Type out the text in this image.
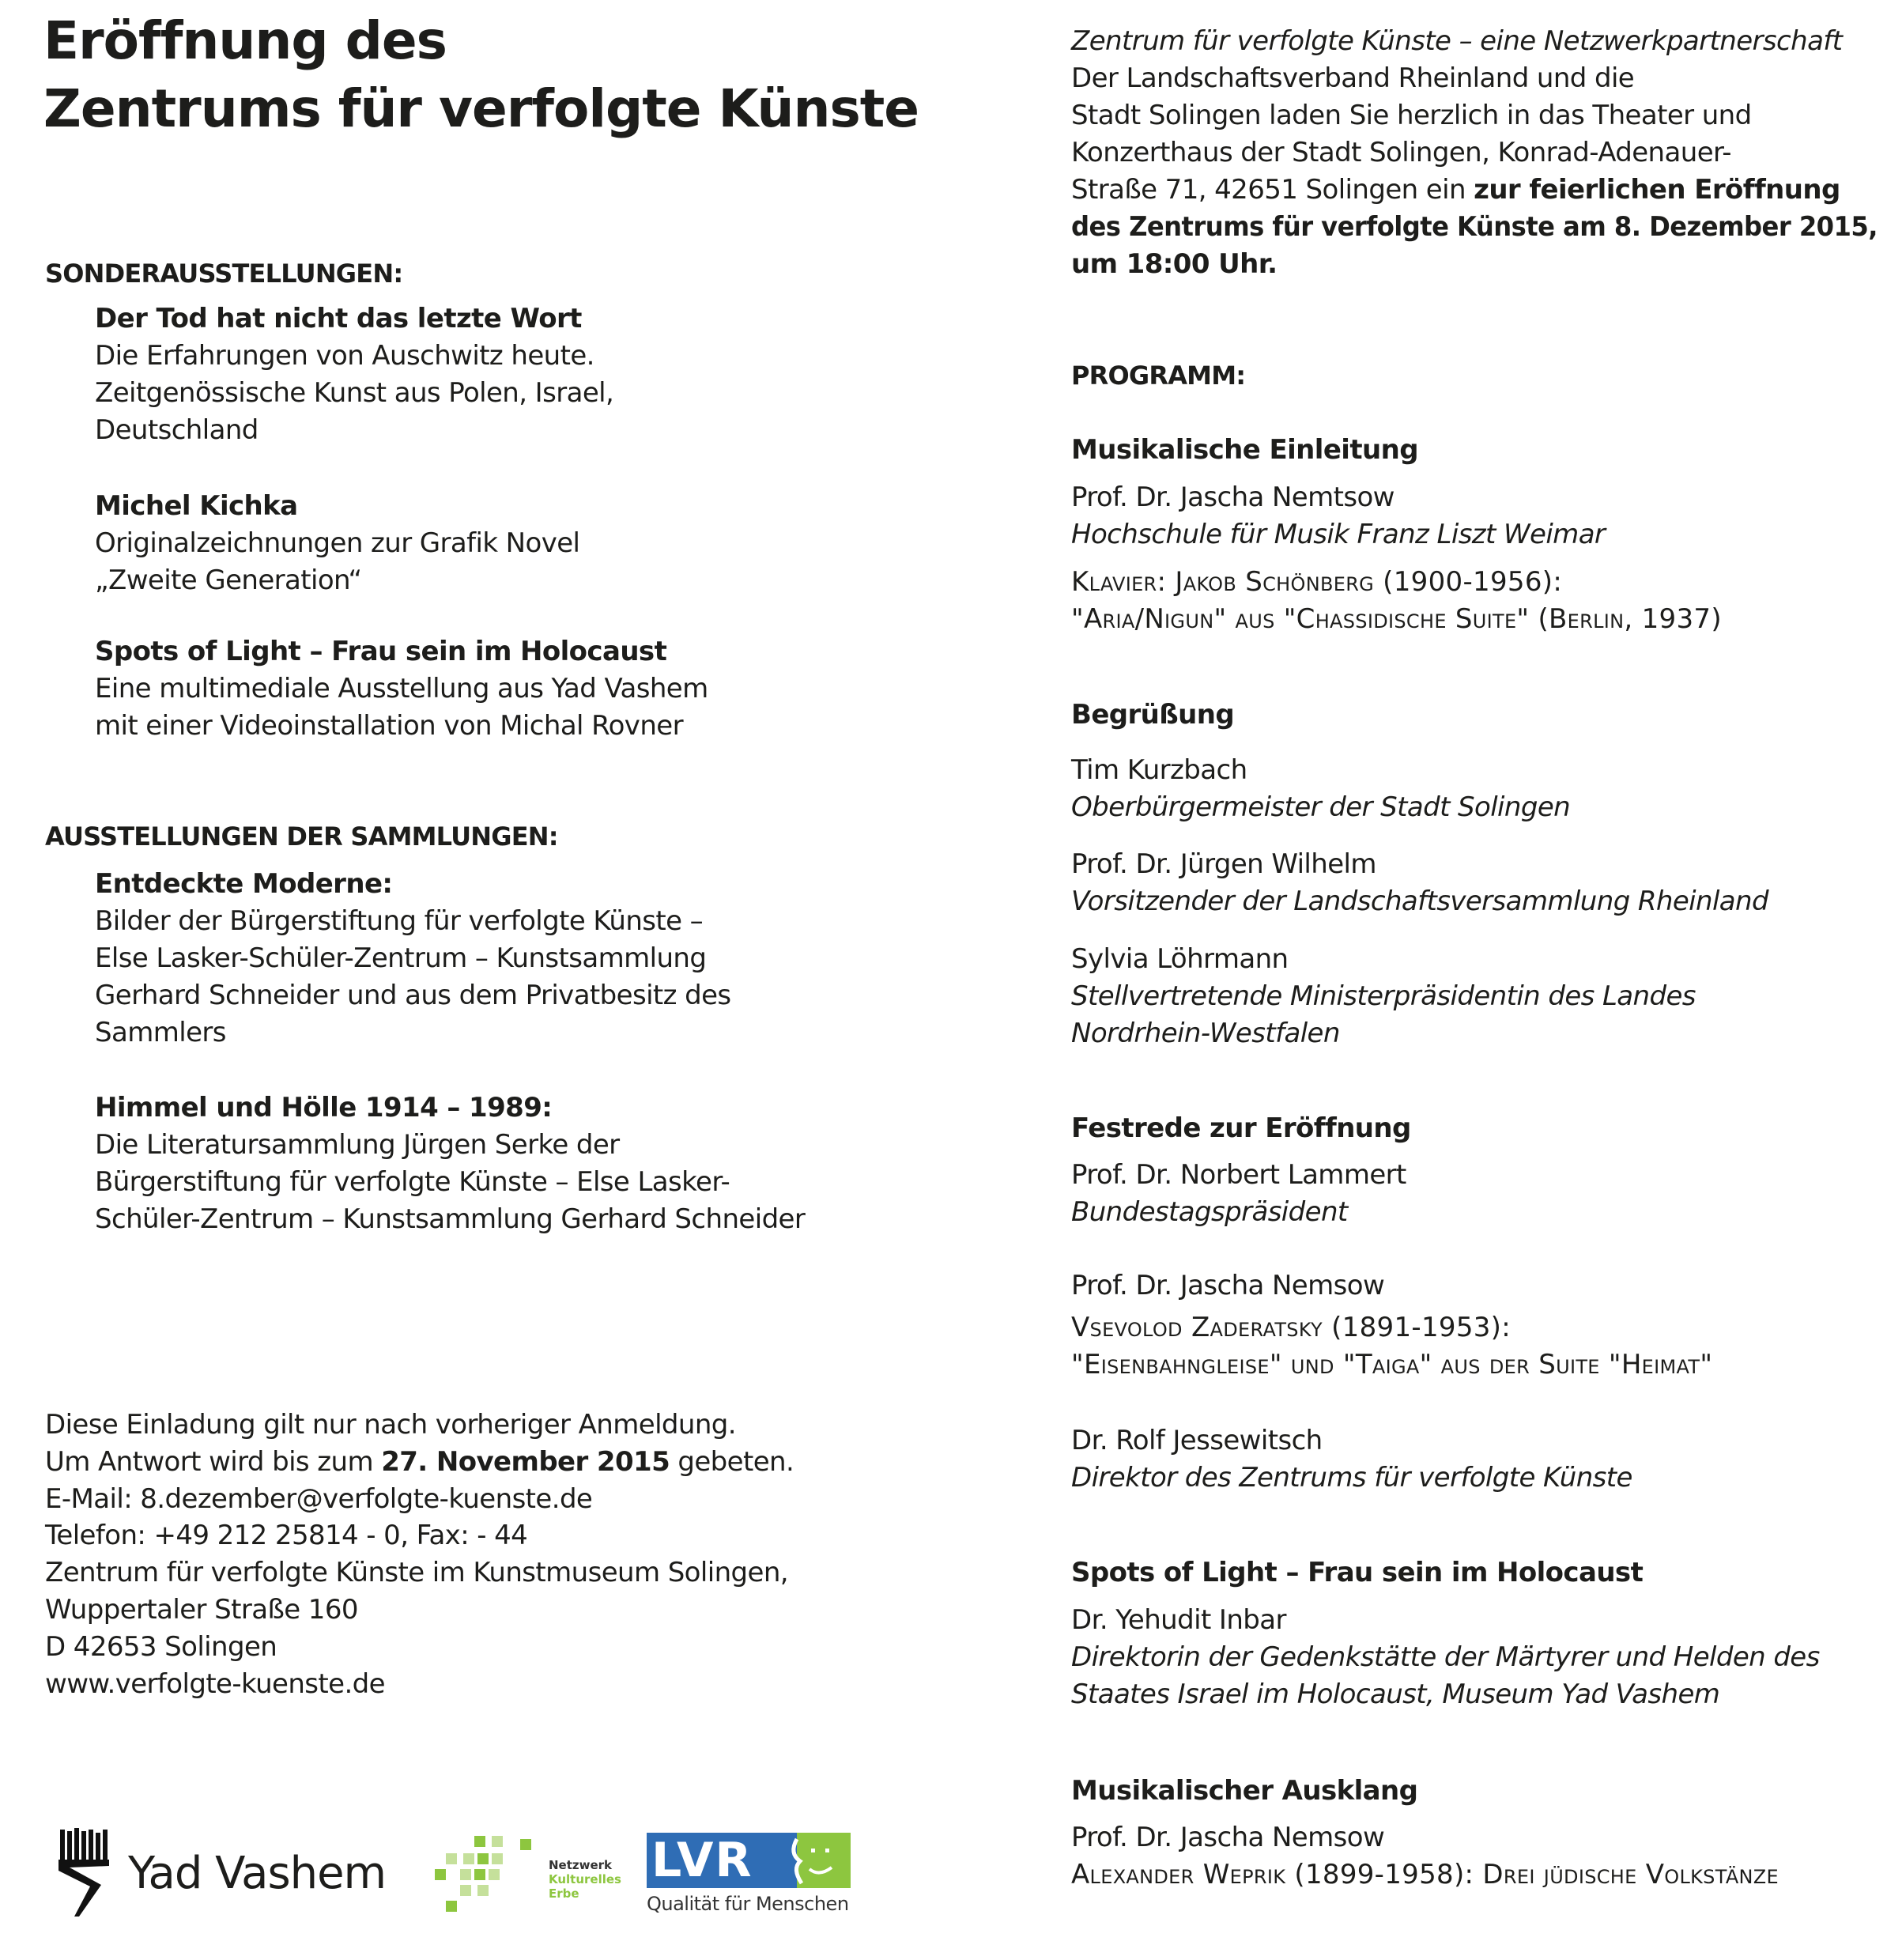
Eröffnung des
Zentrums für verfolgte Künste
SONDERAUSSTELLUNGEN:
Der Tod hat nicht das letzte Wort
Die Erfahrungen von Auschwitz heute.
Zeitgenössische Kunst aus Polen, Israel,
Deutschland
Michel Kichka
Originalzeichnungen zur Grafik Novel
„Zweite Generation“
Spots of Light – Frau sein im Holocaust
Eine multimediale Ausstellung aus Yad Vashem
mit einer Videoinstallation von Michal Rovner
AUSSTELLUNGEN DER SAMMLUNGEN:
Entdeckte Moderne:
Bilder der Bürgerstiftung für verfolgte Künste –
Else Lasker-Schüler-Zentrum – Kunstsammlung
Gerhard Schneider und aus dem Privatbesitz des
Sammlers
Himmel und Hölle 1914 – 1989:
Die Literatursammlung Jürgen Serke der
Bürgerstiftung für verfolgte Künste – Else Lasker-
Schüler-Zentrum – Kunstsammlung Gerhard Schneider
Diese Einladung gilt nur nach vorheriger Anmeldung.
Um Antwort wird bis zum 27. November 2015 gebeten.
E-Mail: 8.dezember@verfolgte-kuenste.de
Telefon: +49 212 25814 - 0, Fax: - 44
Zentrum für verfolgte Künste im Kunstmuseum Solingen,
Wuppertaler Straße 160
D 42653 Solingen
www.verfolgte-kuenste.de
Yad Vashem	Netzwerk
Kulturelles
Erbe
LVR
Qualität für Menschen
Zentrum für verfolgte Künste – eine Netzwerkpartnerschaft
Der Landschaftsverband Rheinland und die
Stadt Solingen laden Sie herzlich in das Theater und
Konzerthaus der Stadt Solingen, Konrad-Adenauer-
Straße 71, 42651 Solingen ein zur feierlichen Eröffnung
des Zentrums für verfolgte Künste am 8. Dezember 2015,
um 18:00 Uhr.
PROGRAMM:
Musikalische Einleitung
Prof. Dr. Jascha Nemtsow
Hochschule für Musik Franz Liszt Weimar
Klavier: Jakob Schönberg (1900-1956):
"Aria/Nigun" aus "Chassidische Suite" (Berlin, 1937)
Begrüßung
Tim Kurzbach
Oberbürgermeister der Stadt Solingen
Prof. Dr. Jürgen Wilhelm
Vorsitzender der Landschaftsversammlung Rheinland
Sylvia Löhrmann
Stellvertretende Ministerpräsidentin des Landes
Nordrhein-Westfalen
Festrede zur Eröffnung
Prof. Dr. Norbert Lammert
Bundestagspräsident
Prof. Dr. Jascha Nemsow
Vsevolod Zaderatsky (1891-1953):
"Eisenbahngleise" und "Taiga" aus der Suite "Heimat"
Dr. Rolf Jessewitsch
Direktor des Zentrums für verfolgte Künste
Spots of Light – Frau sein im Holocaust
Dr. Yehudit Inbar
Direktorin der Gedenkstätte der Märtyrer und Helden des
Staates Israel im Holocaust, Museum Yad Vashem
Musikalischer Ausklang
Prof. Dr. Jascha Nemsow
Alexander Weprik (1899-1958): Drei jüdische Volkstänze
